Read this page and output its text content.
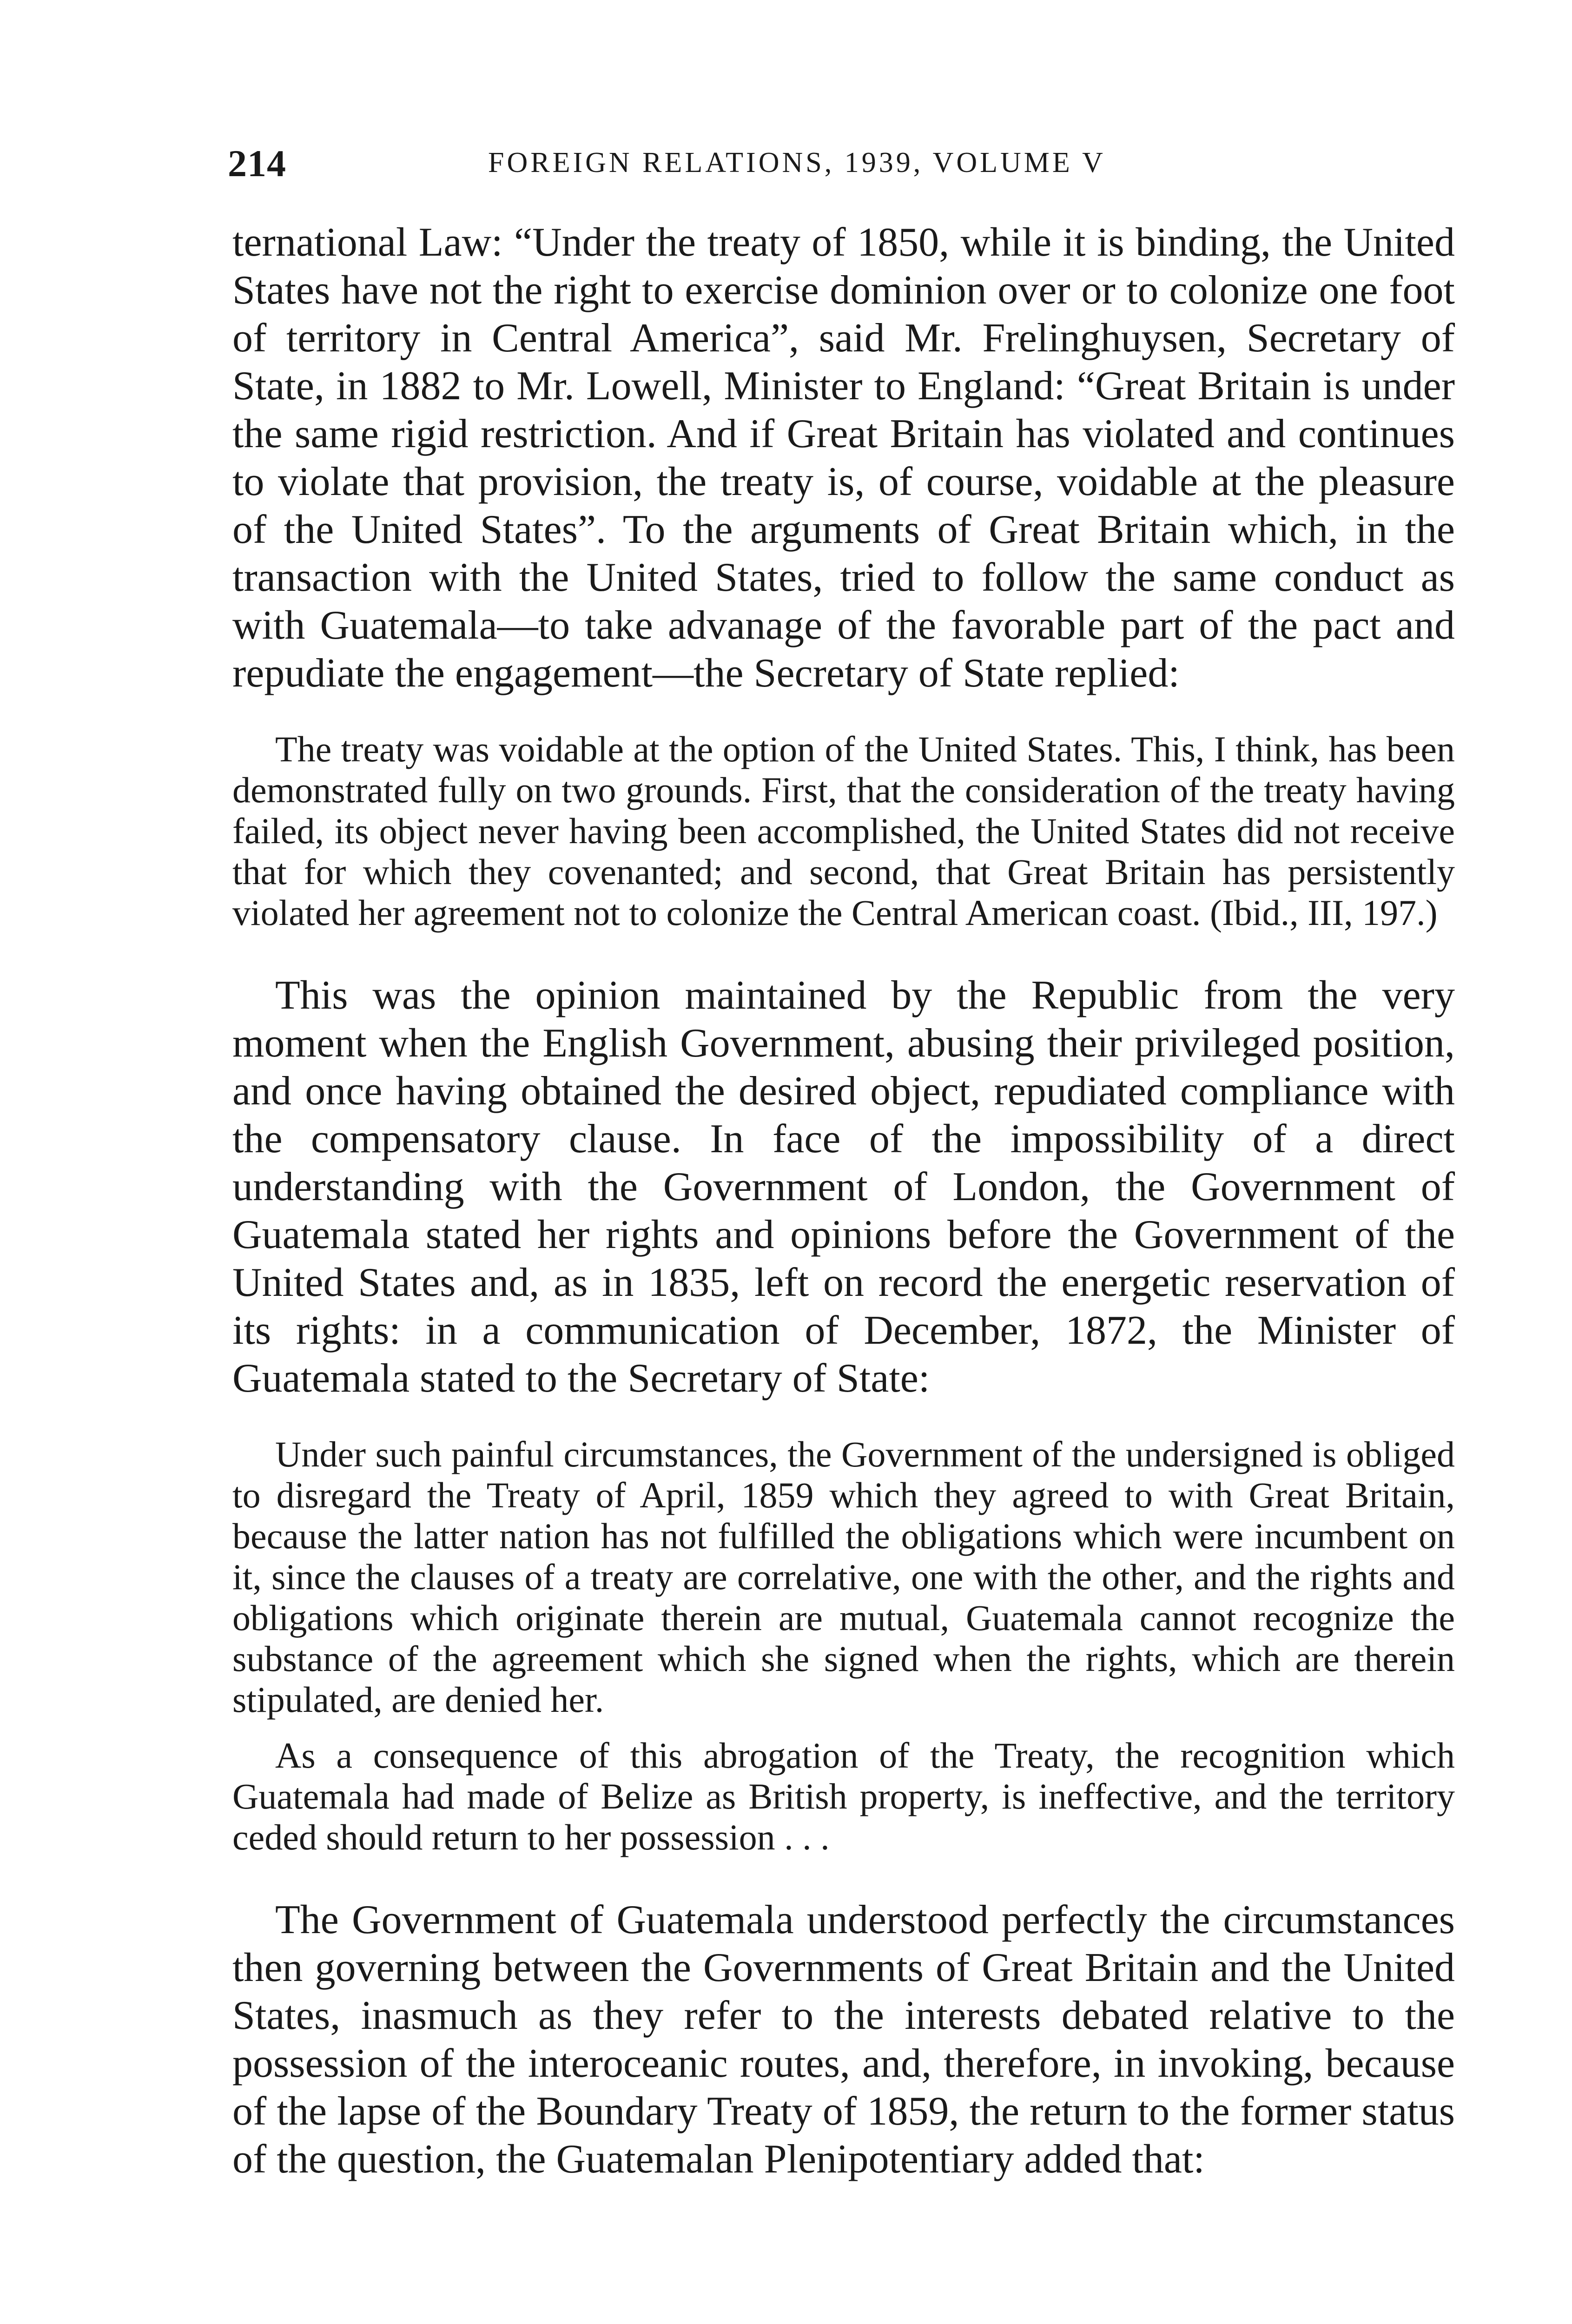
214	FOREIGN RELATIONS, 1939, VOLUME V

ternational Law: “Under the treaty of 1850, while it is binding, the United States have not the right to exercise dominion over or to colonize one foot of territory in Central America”, said Mr. Frelinghuysen, Secretary of State, in 1882 to Mr. Lowell, Minister to England: “Great Britain is under the same rigid restriction. And if Great Britain has violated and continues to violate that provision, the treaty is, of course, voidable at the pleasure of the United States”. To the arguments of Great Britain which, in the transaction with the United States, tried to follow the same conduct as with Guatemala—to take advanage of the favorable part of the pact and repudiate the engagement—the Secretary of State replied:

The treaty was voidable at the option of the United States. This, I think, has been demonstrated fully on two grounds. First, that the consideration of the treaty having failed, its object never having been accomplished, the United States did not receive that for which they covenanted; and second, that Great Britain has persistently violated her agreement not to colonize the Central American coast. (Ibid., III, 197.)

This was the opinion maintained by the Republic from the very moment when the English Government, abusing their privileged position, and once having obtained the desired object, repudiated compliance with the compensatory clause. In face of the impossibility of a direct understanding with the Government of London, the Government of Guatemala stated her rights and opinions before the Government of the United States and, as in 1835, left on record the energetic reservation of its rights: in a communication of December, 1872, the Minister of Guatemala stated to the Secretary of State:

Under such painful circumstances, the Government of the undersigned is obliged to disregard the Treaty of April, 1859 which they agreed to with Great Britain, because the latter nation has not fulfilled the obligations which were incumbent on it, since the clauses of a treaty are correlative, one with the other, and the rights and obligations which originate therein are mutual, Guatemala cannot recognize the substance of the agreement which she signed when the rights, which are therein stipulated, are denied her.

As a consequence of this abrogation of the Treaty, the recognition which Guatemala had made of Belize as British property, is ineffective, and the territory ceded should return to her possession . . .

The Government of Guatemala understood perfectly the circumstances then governing between the Governments of Great Britain and the United States, inasmuch as they refer to the interests debated relative to the possession of the interoceanic routes, and, therefore, in invoking, because of the lapse of the Boundary Treaty of 1859, the return to the former status of the question, the Guatemalan Plenipotentiary added that:
